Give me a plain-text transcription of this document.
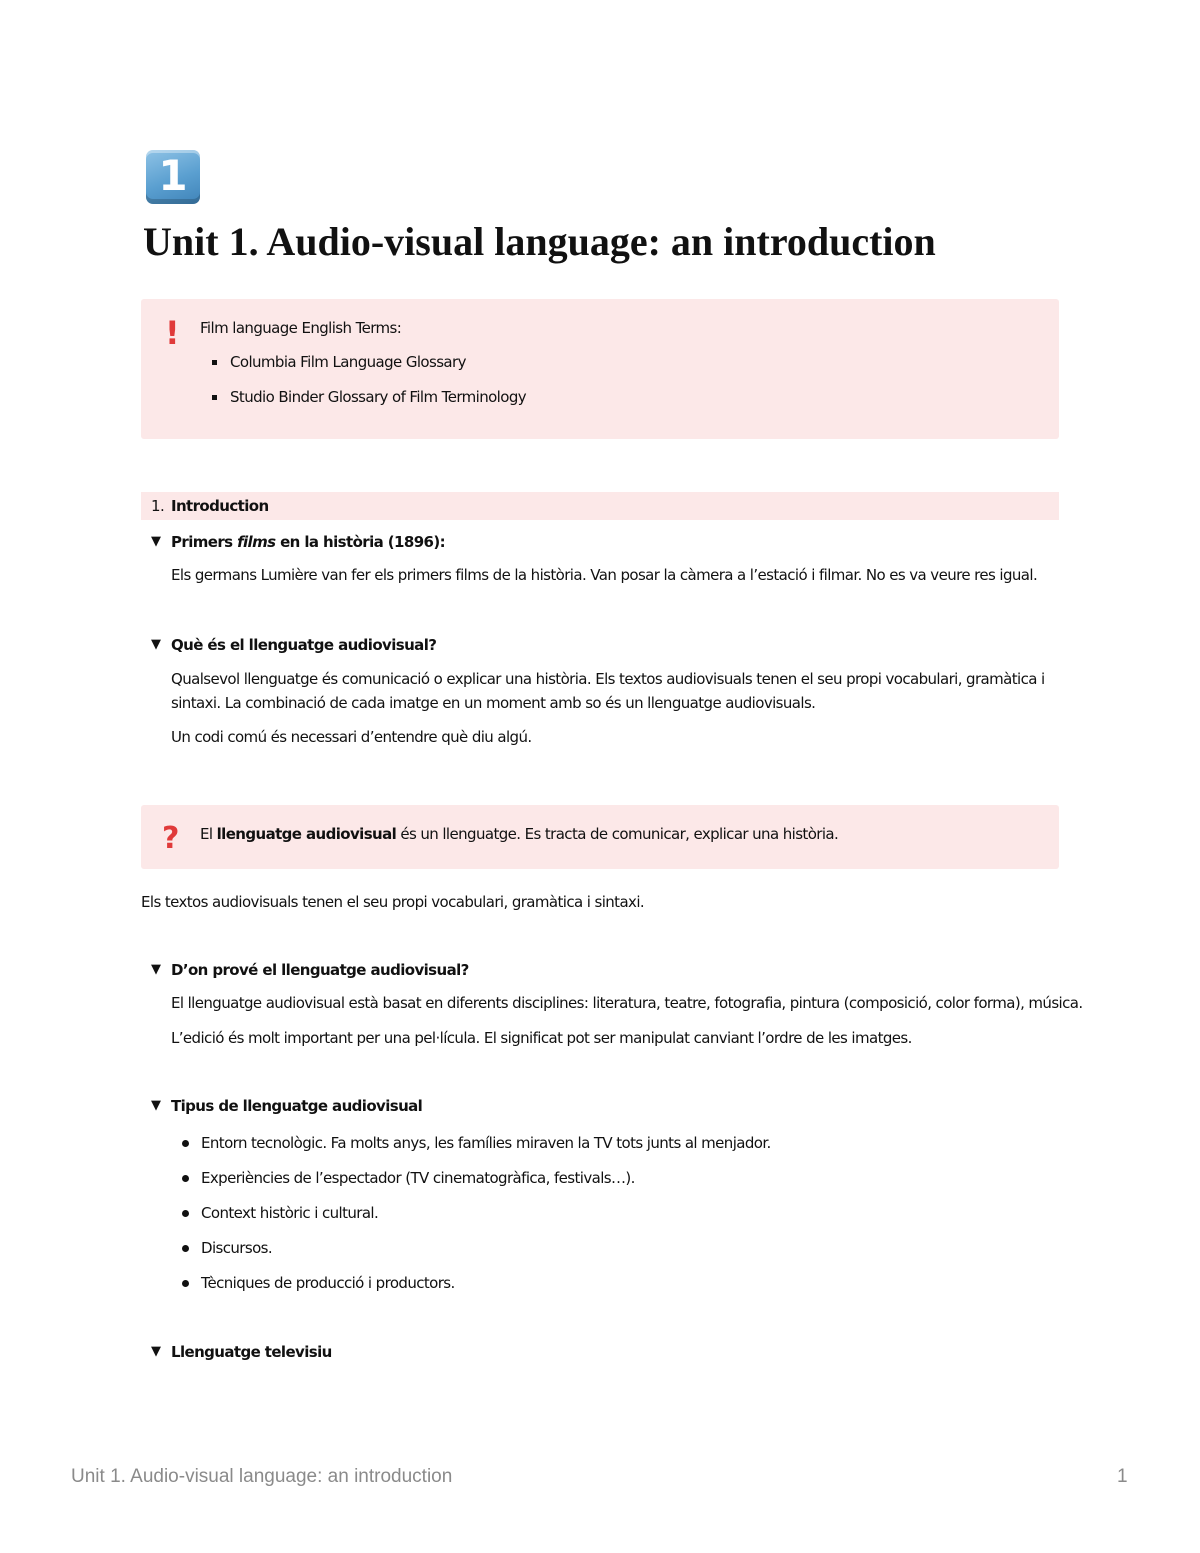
1
Unit 1. Audio-visual language: an introduction
! Film language English Terms:
Columbia Film Language Glossary
Studio Binder Glossary of Film Terminology
1. Introduction
▼ Primers films en la història (1896):
Els germans Lumière van fer els primers films de la història. Van posar la càmera a l’estació i filmar. No es va veure res igual.
▼ Què és el llenguatge audiovisual?
Qualsevol llenguatge és comunicació o explicar una història. Els textos audiovisuals tenen el seu propi vocabulari, gramàtica i
sintaxi. La combinació de cada imatge en un moment amb so és un llenguatge audiovisuals.
Un codi comú és necessari d’entendre què diu algú.
? El llenguatge audiovisual és un llenguatge. Es tracta de comunicar, explicar una història.
Els textos audiovisuals tenen el seu propi vocabulari, gramàtica i sintaxi.
▼ D’on prové el llenguatge audiovisual?
El llenguatge audiovisual està basat en diferents disciplines: literatura, teatre, fotografia, pintura (composició, color forma), música.
L’edició és molt important per una pel·lícula. El significat pot ser manipulat canviant l’ordre de les imatges.
▼ Tipus de llenguatge audiovisual
Entorn tecnològic. Fa molts anys, les famílies miraven la TV tots junts al menjador.
Experiències de l’espectador (TV cinematogràfica, festivals…).
Context històric i cultural.
Discursos.
Tècniques de producció i productors.
▼ Llenguatge televisiu
Unit 1. Audio-visual language: an introduction	1
